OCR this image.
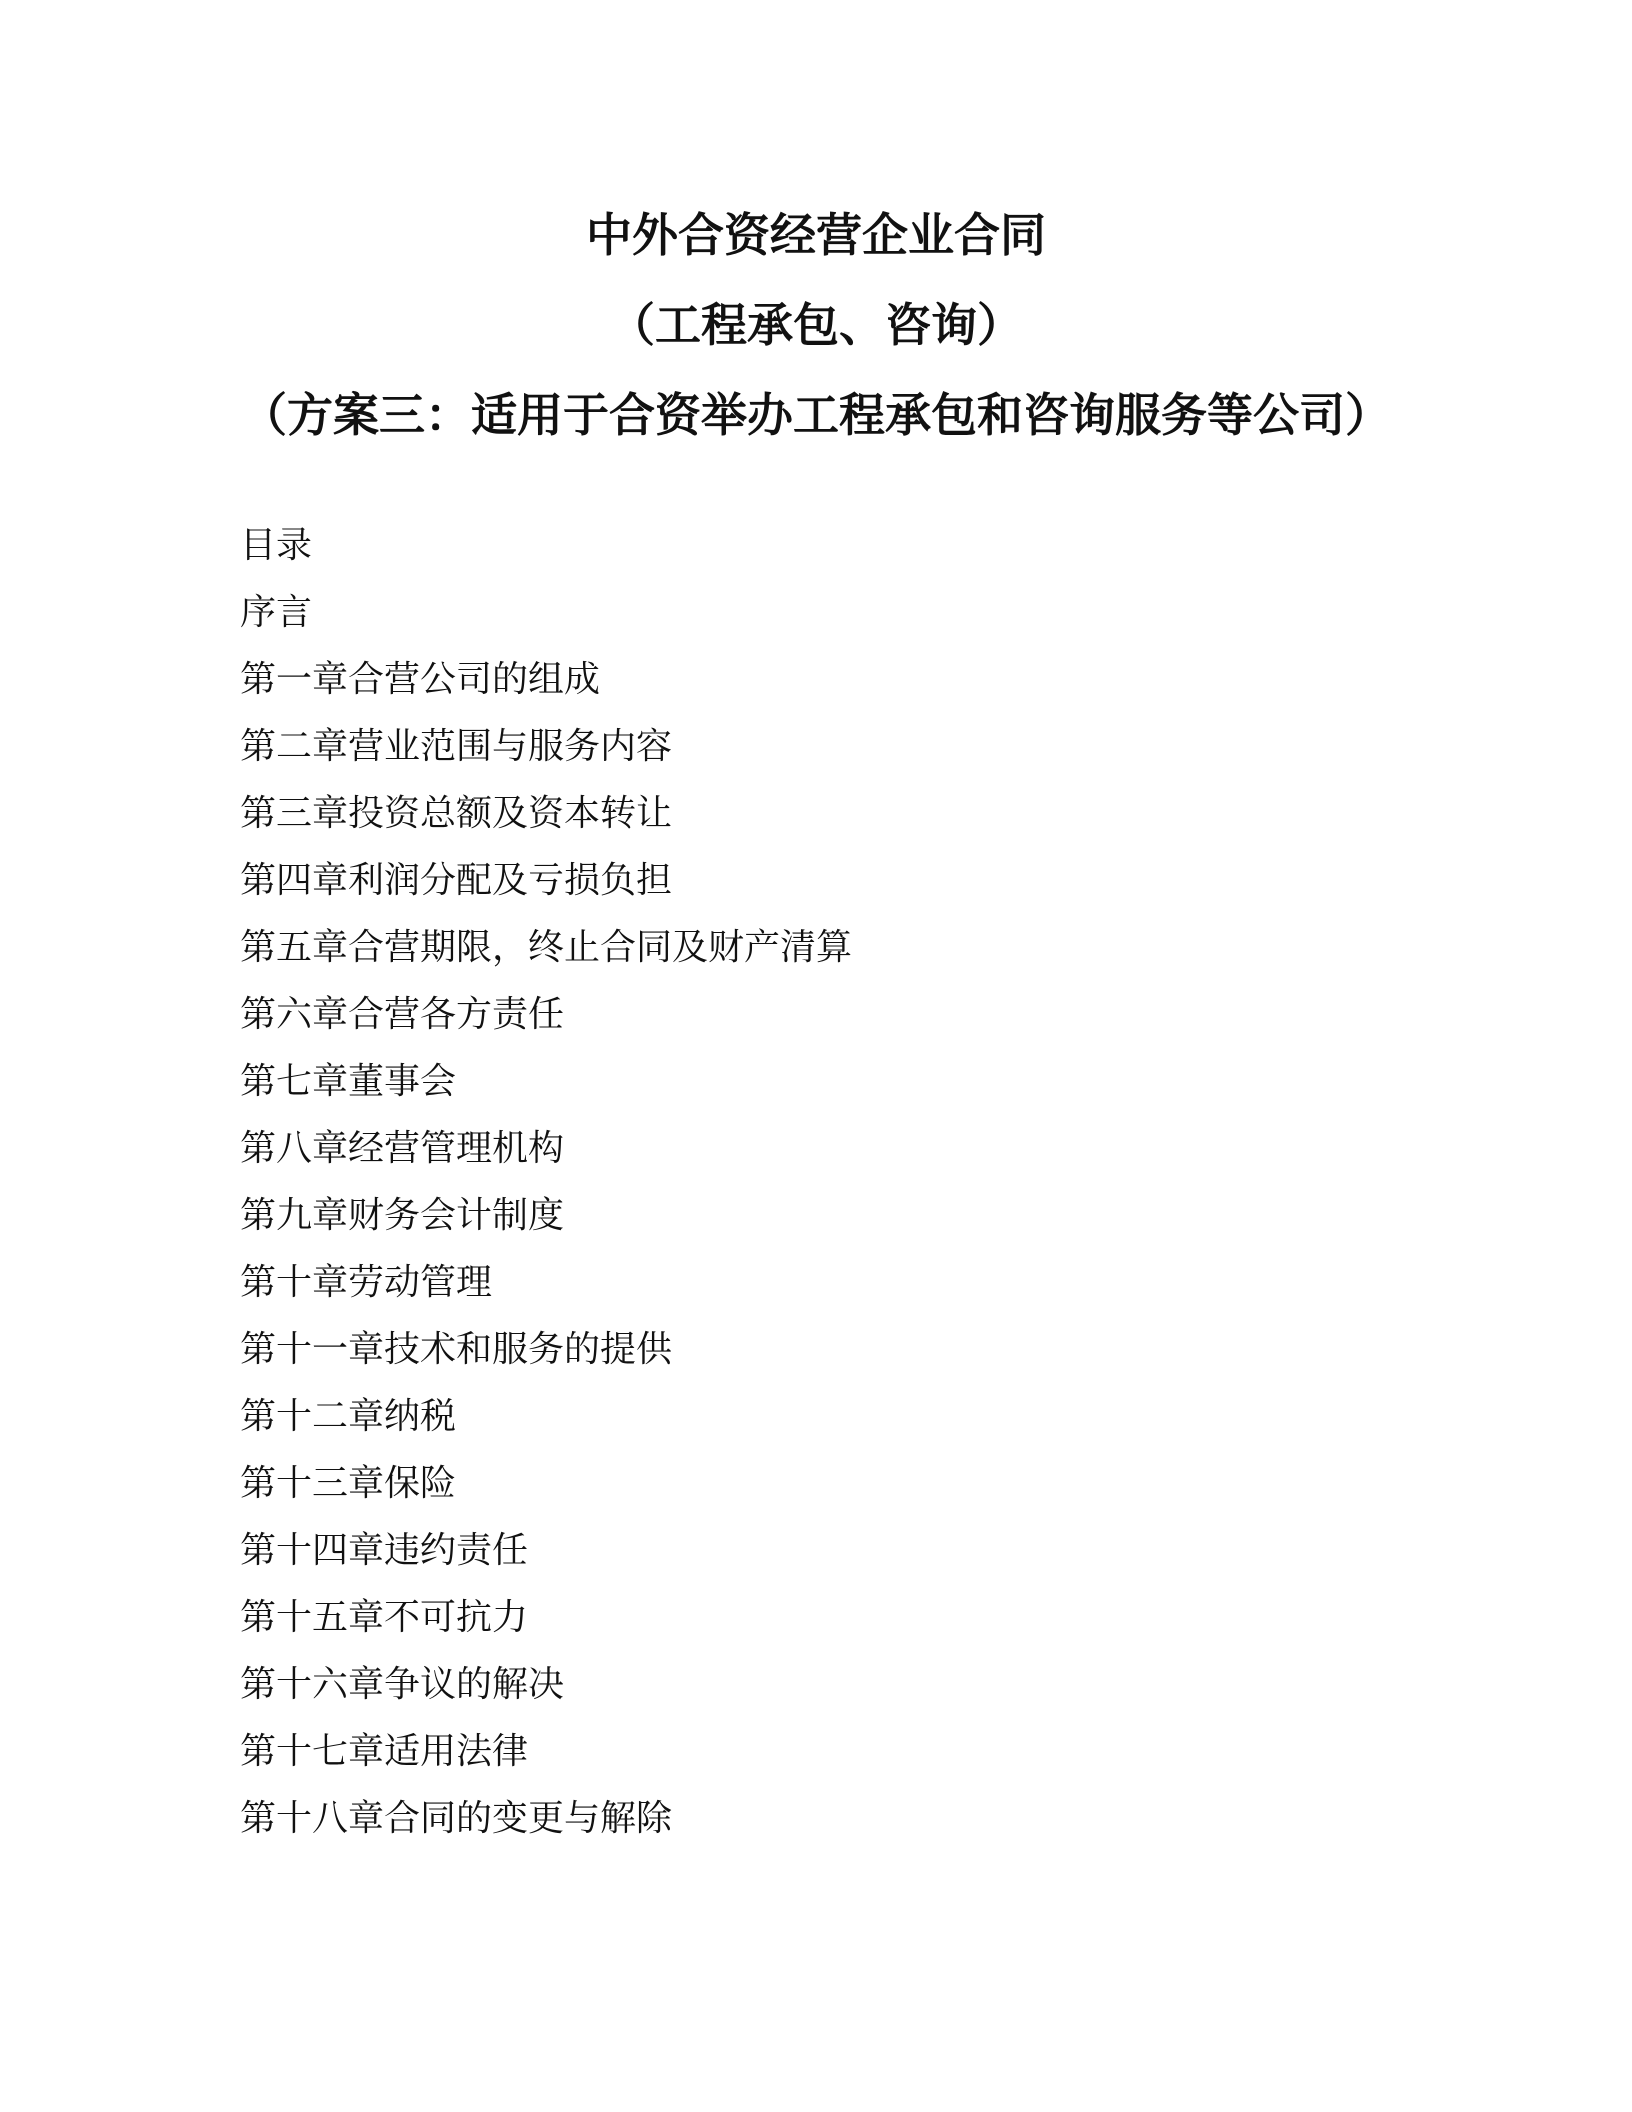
中外合资经营企业合同
（工程承包、咨询）
（方案三：适用于合资举办工程承包和咨询服务等公司）
目录
序言
第一章合营公司的组成
第二章营业范围与服务内容
第三章投资总额及资本转让
第四章利润分配及亏损负担
第五章合营期限，终止合同及财产清算
第六章合营各方责任
第七章董事会
第八章经营管理机构
第九章财务会计制度
第十章劳动管理
第十一章技术和服务的提供
第十二章纳税
第十三章保险
第十四章违约责任
第十五章不可抗力
第十六章争议的解决
第十七章适用法律
第十八章合同的变更与解除
